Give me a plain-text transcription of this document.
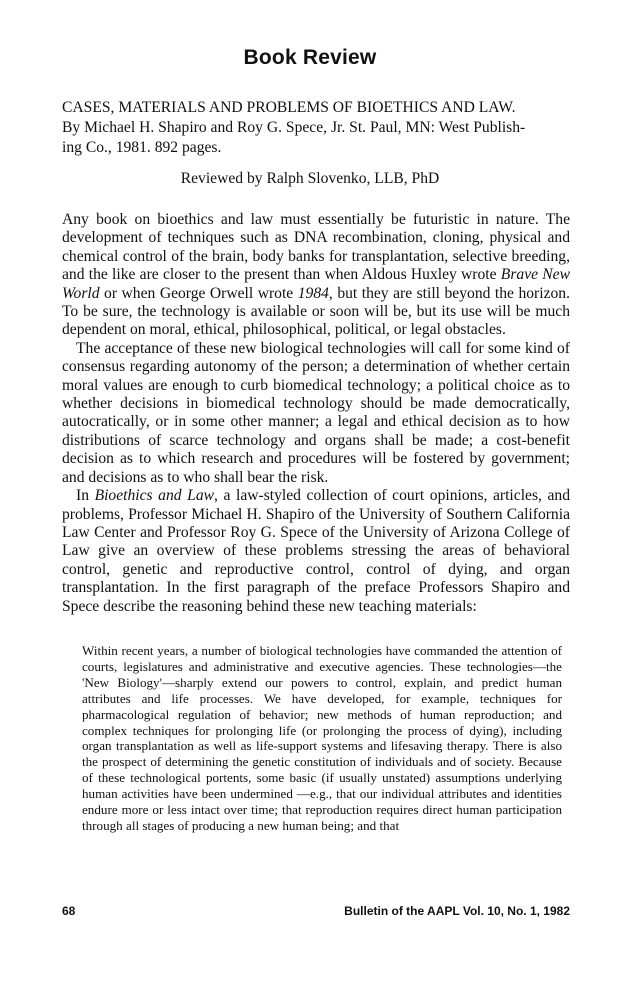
Book Review
CASES, MATERIALS AND PROBLEMS OF BIOETHICS AND LAW.
By Michael H. Shapiro and Roy G. Spece, Jr. St. Paul, MN: West Publish-
ing Co., 1981. 892 pages.
Reviewed by Ralph Slovenko, LLB, PhD

Any book on bioethics and law must essentially be futuristic in nature. The development of techniques such as DNA recombination, cloning, physical and chemical control of the brain, body banks for transplantation, selective breeding, and the like are closer to the present than when Aldous Huxley wrote Brave New World or when George Orwell wrote 1984, but they are still beyond the horizon. To be sure, the technology is available or soon will be, but its use will be much dependent on moral, ethical, philosophical, political, or legal obstacles.

The acceptance of these new biological technologies will call for some kind of consensus regarding autonomy of the person; a determination of whether certain moral values are enough to curb biomedical technology; a political choice as to whether decisions in biomedical technology should be made democratically, autocratically, or in some other manner; a legal and ethical decision as to how distributions of scarce technology and organs shall be made; a cost-benefit decision as to which research and procedures will be fostered by government; and decisions as to who shall bear the risk.

In Bioethics and Law, a law-styled collection of court opinions, articles, and problems, Professor Michael H. Shapiro of the University of Southern California Law Center and Professor Roy G. Spece of the University of Arizona College of Law give an overview of these problems stressing the areas of behavioral control, genetic and reproductive control, control of dying, and organ transplantation. In the first paragraph of the preface Professors Shapiro and Spece describe the reasoning behind these new teaching materials:

Within recent years, a number of biological technologies have commanded the attention of courts, legislatures and administrative and executive agencies. These technologies—the 'New Biology'—sharply extend our powers to control, explain, and predict human attributes and life processes. We have developed, for example, techniques for pharmacological regulation of behavior; new methods of human reproduction; and complex techniques for prolonging life (or prolonging the process of dying), including organ transplantation as well as life-support systems and lifesaving therapy. There is also the prospect of determining the genetic constitution of individuals and of society. Because of these technological portents, some basic (if usually unstated) assumptions underlying human activities have been undermined —e.g., that our individual attributes and identities endure more or less intact over time; that reproduction requires direct human participation through all stages of producing a new human being; and that

68	Bulletin of the AAPL Vol. 10, No. 1, 1982
